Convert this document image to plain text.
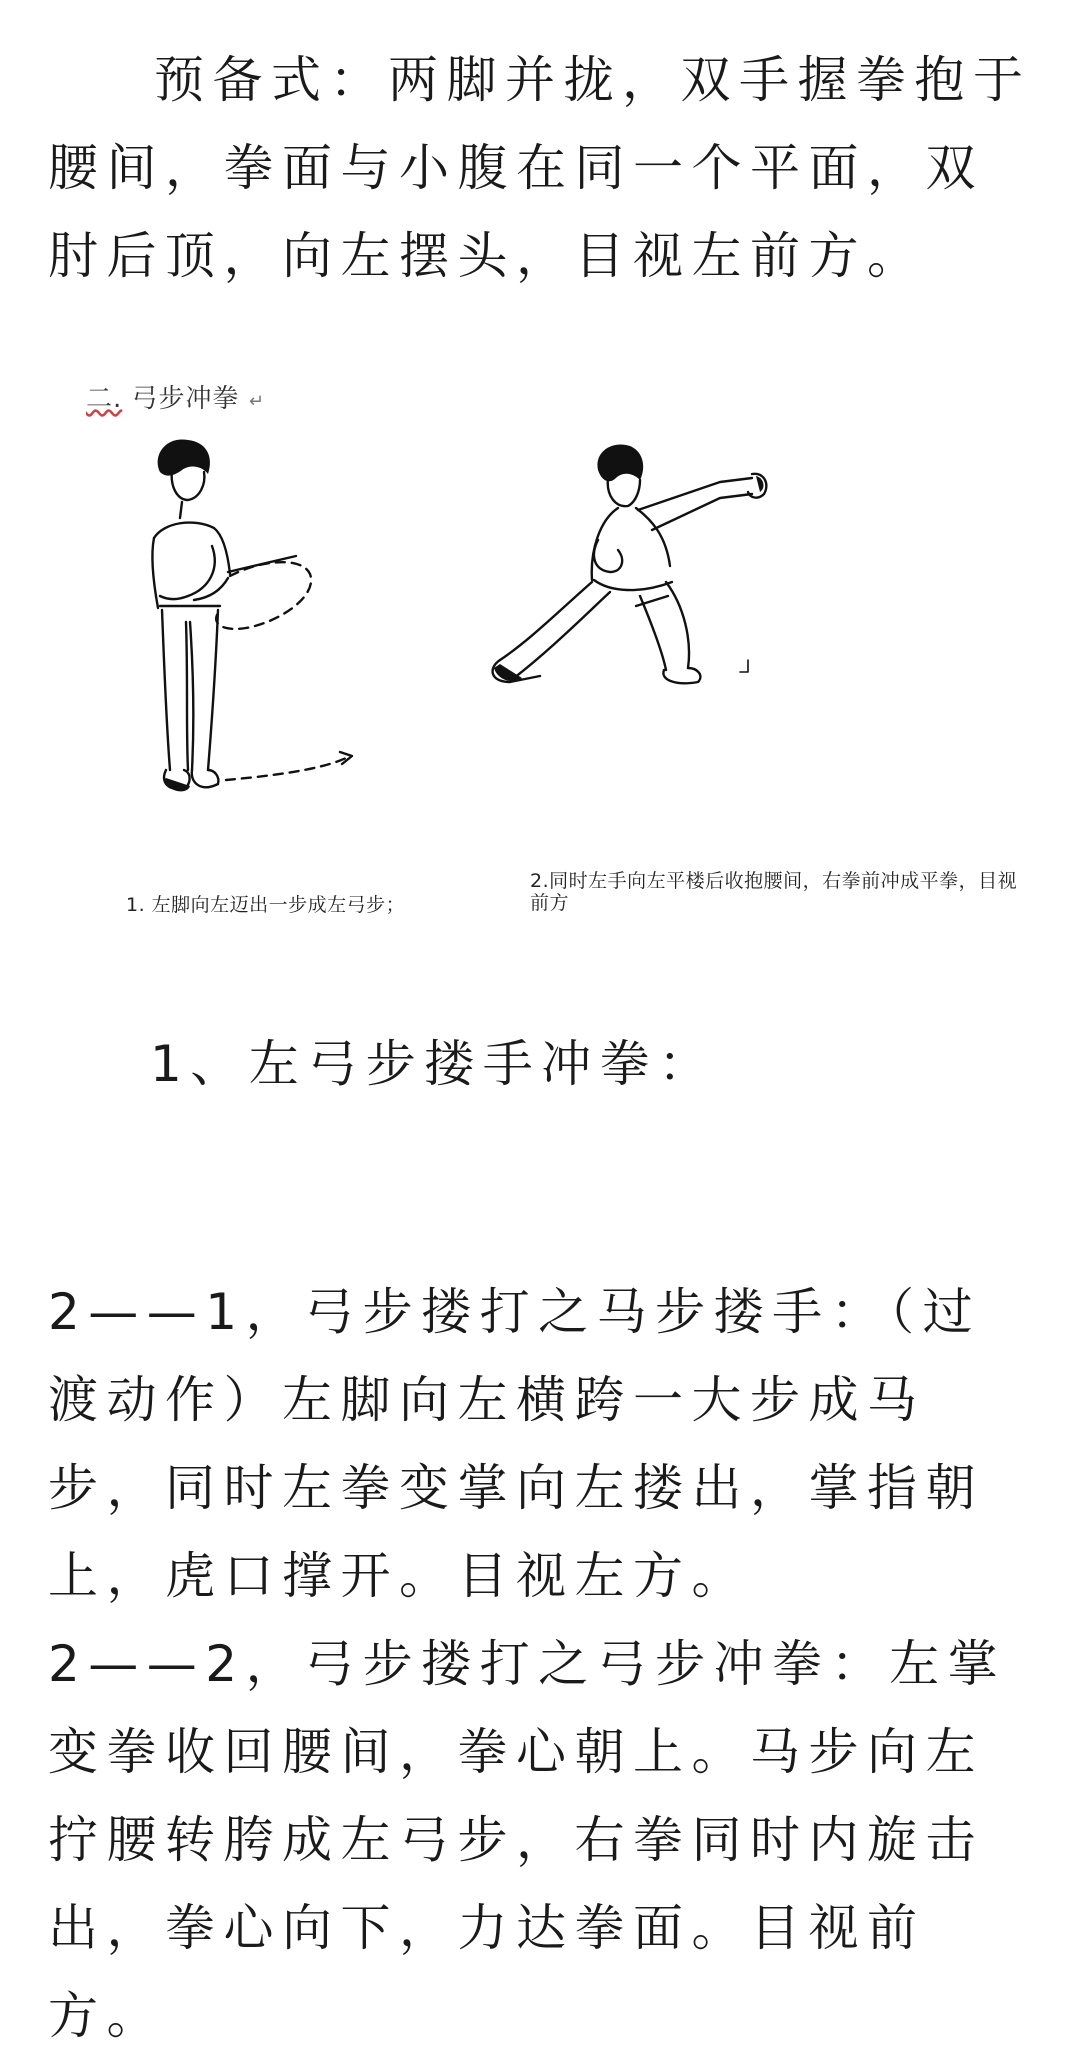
预备式：两脚并拢，双手握拳抱于腰间，拳面与小腹在同一个平面，双肘后顶，向左摆头，目视左前方。

二. 弓步冲拳 ↵
1. 左脚向左迈出一步成左弓步；
2.同时左手向左平楼后收抱腰间，右拳前冲成平拳，目视前方

1、左弓步搂手冲拳：

2——1，弓步搂打之马步搂手：（过渡动作）左脚向左横跨一大步成马步，同时左拳变掌向左搂出，掌指朝上，虎口撑开。目视左方。

2——2，弓步搂打之弓步冲拳：左掌变拳收回腰间，拳心朝上。马步向左拧腰转胯成左弓步，右拳同时内旋击出，拳心向下，力达拳面。目视前方。
